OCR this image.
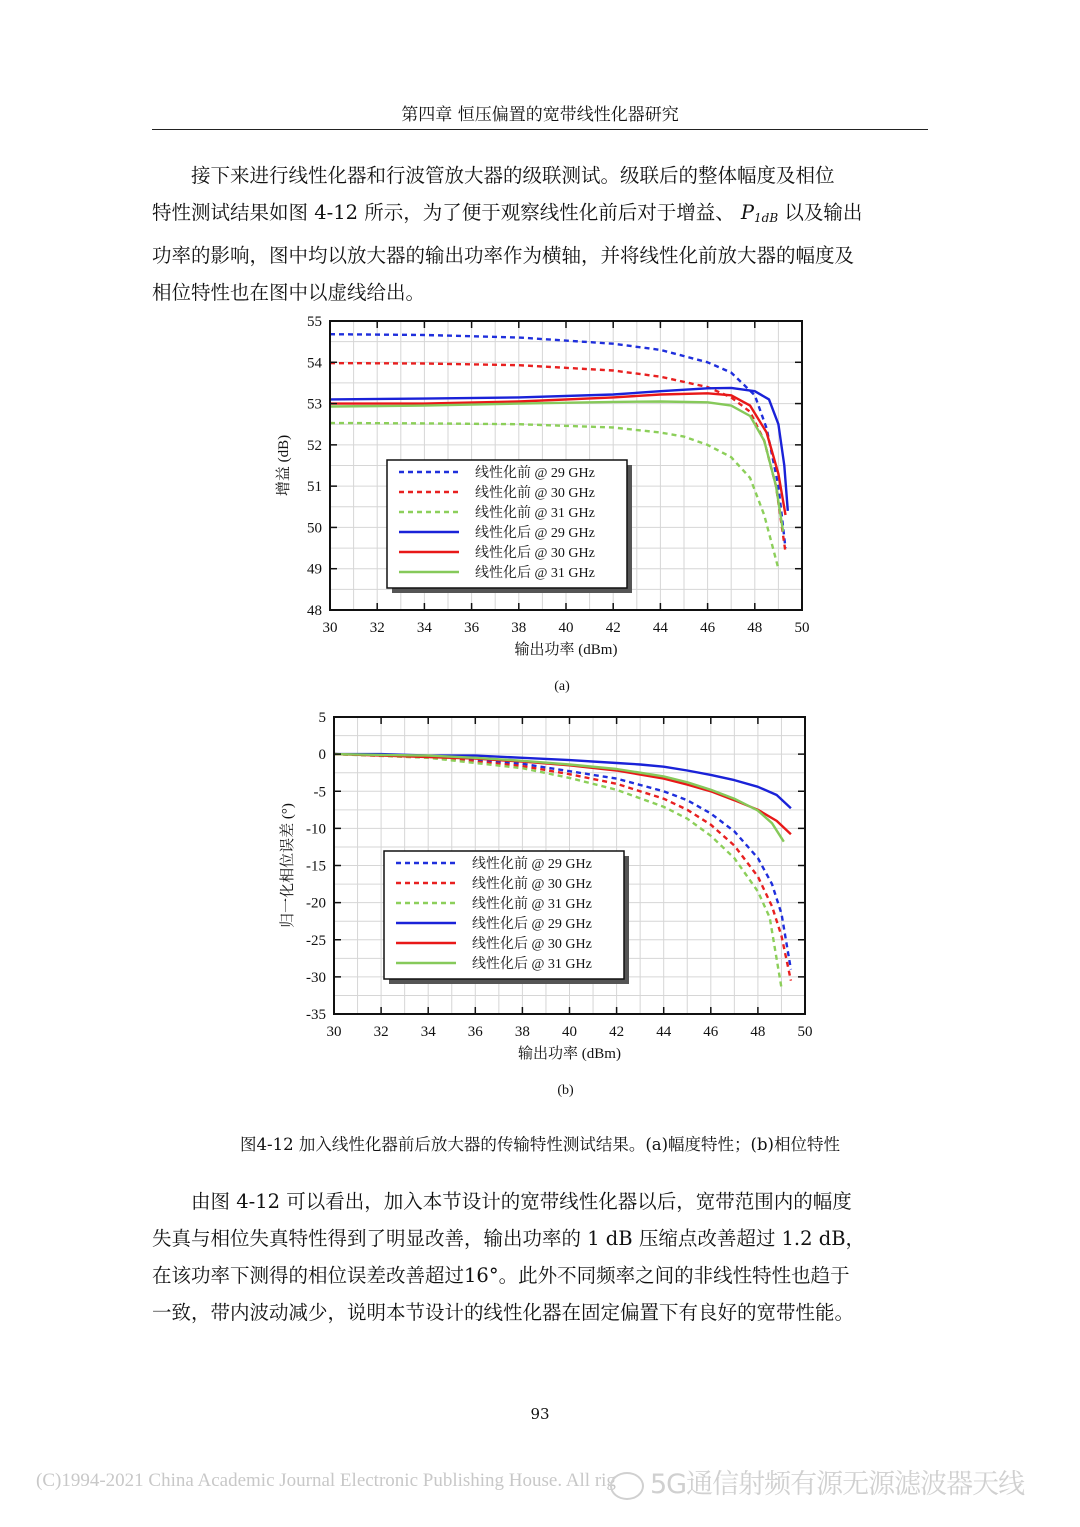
第四章 恒压偏置的宽带线性化器研究
接下来进行线性化器和行波管放大器的级联测试。级联后的整体幅度及相位
特性测试结果如图 4-12 所示，为了便于观察线性化前后对于增益、 $P_{1dB}$ 以及输出
功率的影响，图中均以放大器的输出功率作为横轴，并将线性化前放大器的幅度及
相位特性也在图中以虚线给出。
30 32 34 36 38 40 42 44 46 48 50
48
49
50
51
52
53
54
55
输出功率 (dBm)
增益 (dB)
(a)
线性化前 @ 29 GHz
线性化前 @ 30 GHz
线性化前 @ 31 GHz
线性化后 @ 29 GHz
线性化后 @ 30 GHz
线性化后 @ 31 GHz
30 32 34 36 38 40 42 44 46 48 50
5
0
-5
-10
-15
-20
-25
-30
-35
输出功率 (dBm)
归一化相位误差 (°)
(b)
线性化前 @ 29 GHz
线性化前 @ 30 GHz
线性化前 @ 31 GHz
线性化后 @ 29 GHz
线性化后 @ 30 GHz
线性化后 @ 31 GHz
图4-12 加入线性化器前后放大器的传输特性测试结果。(a)幅度特性；(b)相位特性
由图 4-12 可以看出，加入本节设计的宽带线性化器以后，宽带范围内的幅度
失真与相位失真特性得到了明显改善，输出功率的 1 dB 压缩点改善超过 1.2 dB，
在该功率下测得的相位误差改善超过16°。此外不同频率之间的非线性特性也趋于
一致，带内波动减少，说明本节设计的线性化器在固定偏置下有良好的宽带性能。
93
(C)1994-2021 China Academic Journal Electronic Publishing House. All rig	5G通信射频有源无源滤波器天线
